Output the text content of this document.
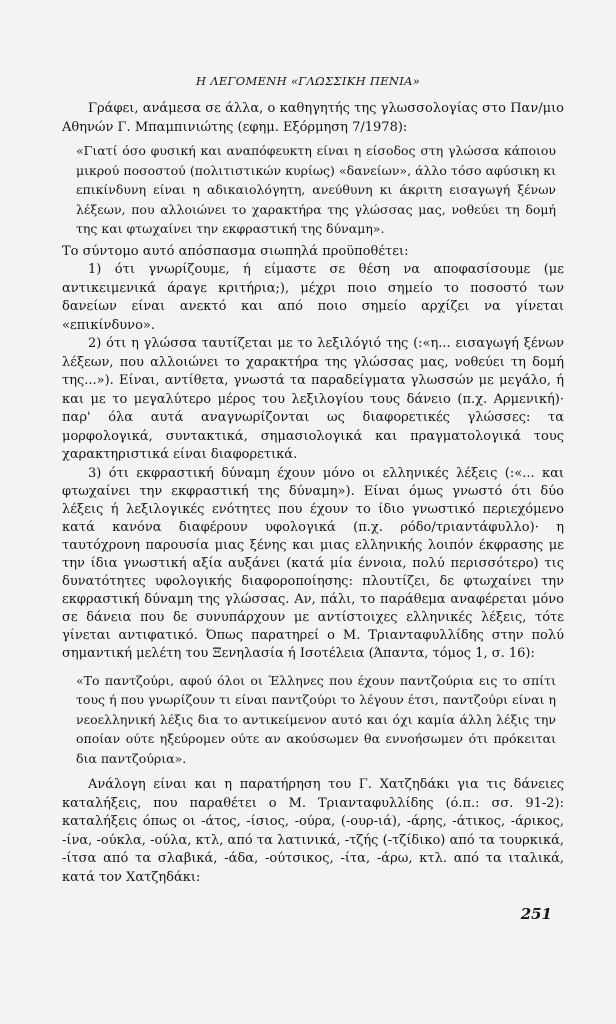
Η ΛΕΓΟΜΕΝΗ «ΓΛΩΣΣΙΚΗ ΠΕΝΙΑ»

Γράφει, ανάμεσα σε άλλα, ο καθηγητής της γλωσσολογίας στο Παν/μιο Αθηνών Γ. Μπαμπινιώτης (εφημ. Εξόρμηση 7/1978):

«Γιατί όσο φυσική και αναπόφευκτη είναι η είσοδος στη γλώσσα κάποιου μικρού ποσοστού (πολιτιστικών κυρίως) «δανείων», άλλο τόσο αφύσικη κι επικίνδυνη είναι η αδικαιολόγητη, ανεύθυνη κι άκριτη εισαγωγή ξένων λέξεων, που αλλοιώνει το χαρακτήρα της γλώσσας μας, νοθεύει τη δομή της και φτωχαίνει την εκφραστική της δύναμη».

Το σύντομο αυτό απόσπασμα σιωπηλά προϋποθέτει:

1) ότι γνωρίζουμε, ή είμαστε σε θέση να αποφασίσουμε (με αντικειμενικά άραγε κριτήρια;), μέχρι ποιο σημείο το ποσοστό των δανείων είναι ανεκτό και από ποιο σημείο αρχίζει να γίνεται «επικίνδυνο».

2) ότι η γλώσσα ταυτίζεται με το λεξιλόγιό της (:«η... εισαγωγή ξένων λέξεων, που αλλοιώνει το χαρακτήρα της γλώσσας μας, νοθεύει τη δομή της...»). Είναι, αντίθετα, γνωστά τα παραδείγματα γλωσσών με μεγάλο, ή και με το μεγαλύτερο μέρος του λεξιλογίου τους δάνειο (π.χ. Αρμενική)· παρ' όλα αυτά αναγνωρίζονται ως διαφορετικές γλώσσες: τα μορφολογικά, συντακτικά, σημασιολογικά και πραγματολογικά τους χαρακτηριστικά είναι διαφορετικά.

3) ότι εκφραστική δύναμη έχουν μόνο οι ελληνικές λέξεις (:«... και φτωχαίνει την εκφραστική της δύναμη»). Είναι όμως γνωστό ότι δύο λέξεις ή λεξιλογικές ενότητες που έχουν το ίδιο γνωστικό περιεχόμενο κατά κανόνα διαφέρουν υφολογικά (π.χ. ρόδο/τριαντάφυλλο)· η ταυτόχρονη παρουσία μιας ξένης και μιας ελληνικής λοιπόν έκφρασης με την ίδια γνωστική αξία αυξάνει (κατά μία έννοια, πολύ περισσότερο) τις δυνατότητες υφολογικής διαφοροποίησης: πλουτίζει, δε φτωχαίνει την εκφραστική δύναμη της γλώσσας. Αν, πάλι, το παράθεμα αναφέρεται μόνο σε δάνεια που δε συνυπάρχουν με αντίστοιχες ελληνικές λέξεις, τότε γίνεται αντιφατικό. Όπως παρατηρεί ο Μ. Τριανταφυλλίδης στην πολύ σημαντική μελέτη του Ξενηλασία ή Ισοτέλεια (Άπαντα, τόμος 1, σ. 16):

«Το παντζούρι, αφού όλοι οι Έλληνες που έχουν παντζούρια εις το σπίτι τους ή που γνωρίζουν τι είναι παντζούρι το λέγουν έτσι, παντζούρι είναι η νεοελληνική λέξις δια το αντικείμενον αυτό και όχι καμία άλλη λέξις την οποίαν ούτε ηξεύρομεν ούτε αν ακούσωμεν θα εννοήσωμεν ότι πρόκειται δια παντζούρια».

Ανάλογη είναι και η παρατήρηση του Γ. Χατζηδάκι για τις δάνειες καταλήξεις, που παραθέτει ο Μ. Τριανταφυλλίδης (ό.π.: σσ. 91-2): καταλήξεις όπως οι -άτος, -ίσιος, -ούρα, (-ουρ-ιά), -άρης, -άτικος, -άρικος, -ίνα, -ούκλα, -ούλα, κτλ, από τα λατινικά, -τζής (-τζίδικο) από τα τουρκικά, -ίτσα από τα σλαβικά, -άδα, -ούτσικος, -ίτα, -άρω, κτλ. από τα ιταλικά, κατά τον Χατζηδάκι:

251
